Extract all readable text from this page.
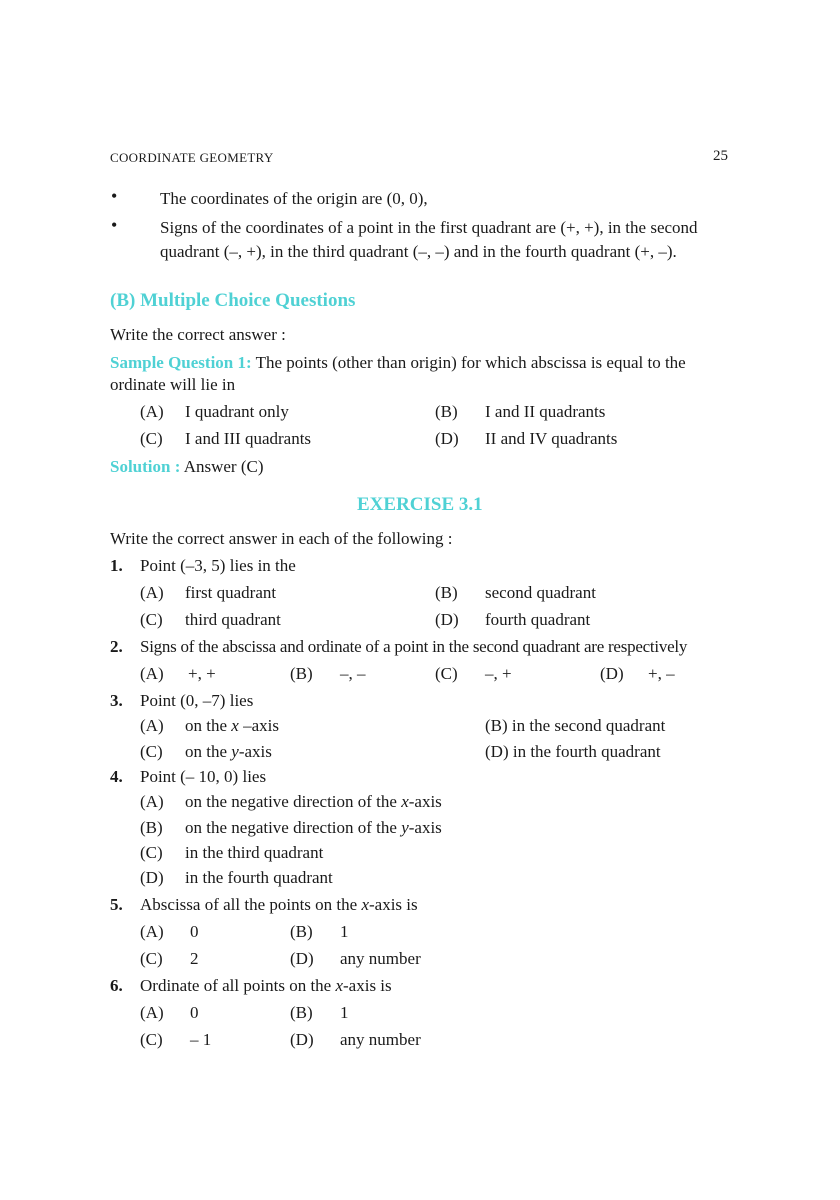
COORDINATE GEOMETRY	25
•	The coordinates of the origin are (0, 0),
•	Signs of the coordinates of a point in the first quadrant are (+, +), in the second
quadrant (–, +), in the third quadrant (–, –) and in the fourth quadrant (+, –).
(B) Multiple Choice Questions
Write the correct answer :
Sample Question 1: The points (other than origin) for which abscissa is equal to the
ordinate will lie in
(A) I quadrant only	(B) I and II quadrants
(C) I and III quadrants	(D) II and IV quadrants
Solution : Answer (C)
EXERCISE 3.1
Write the correct answer in each of the following :
1. Point (–3, 5) lies in the
(A) first quadrant	(B) second quadrant
(C) third quadrant	(D) fourth quadrant
2. Signs of the abscissa and ordinate of a point in the second quadrant are respectively
(A) +, +	(B) –, –	(C) –, +	(D) +, –
3. Point (0, –7) lies
(A) on the x –axis	(B) in the second quadrant
(C) on the y-axis	(D) in the fourth quadrant
4. Point (– 10, 0) lies
(A) on the negative direction of the x-axis
(B) on the negative direction of the y-axis
(C) in the third quadrant
(D) in the fourth quadrant
5. Abscissa of all the points on the x-axis is
(A) 0	(B) 1
(C) 2	(D) any number
6. Ordinate of all points on the x-axis is
(A) 0	(B) 1
(C) – 1	(D) any number
